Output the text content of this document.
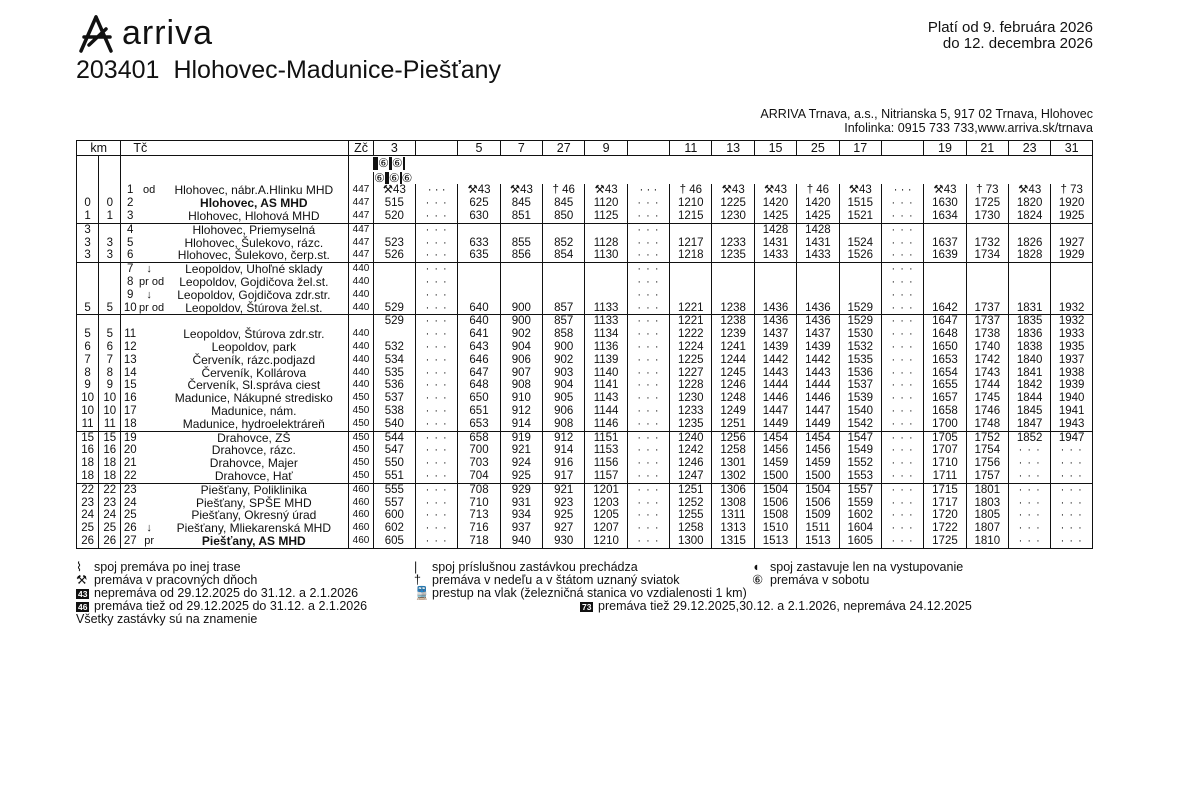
arriva	Platí od 9. februára 2026
do 12. decembra 2026
203401 Hlohovec-Madunice-Piešťany
ARRIVA Trnava, a.s., Nitrianska 5, 917 02 Trnava, Hlohovec
Infolinka: 0915 733 733,www.arriva.sk/trnava
km		Tč			Zč	3		5	7	27	9		11	13	15	25	17		19	21	23	31
						⑥ ⑥⑥ ⑥ ⑥
		1	od	Hlohovec, nábr.A.Hlinku MHD	447	⚒43	· · ·	⚒43	⚒43	† 46	⚒43	· · ·	† 46	⚒43	⚒43	† 46	⚒43	· · ·	⚒43	† 73	⚒43	† 73
0	0	2		Hlohovec, AS MHD	447	515	· · ·	625	845	845	1120	· · ·	1210	1225	1420	1420	1515	· · ·	1630	1725	1820	1920
1	1	3		Hlohovec, Hlohová MHD	447	520	· · ·	630	851	850	1125	· · ·	1215	1230	1425	1425	1521	· · ·	1634	1730	1824	1925
3		4		Hlohovec, Priemyselná	447		· · ·					· · ·			1428	1428		· · ·				
3	3	5		Hlohovec, Šulekovo, rázc.	447	523	· · ·	633	855	852	1128	· · ·	1217	1233	1431	1431	1524	· · ·	1637	1732	1826	1927
3	3	6		Hlohovec, Šulekovo, čerp.st.	447	526	· · ·	635	856	854	1130	· · ·	1218	1235	1433	1433	1526	· · ·	1639	1734	1828	1929
		7	↓	Leopoldov, Uhoľné sklady	440		· · ·					· · ·						· · ·				
		8	pr od	Leopoldov, Gojdičova žel.st.	440		· · ·					· · ·						· · ·				
		9	↓	Leopoldov, Gojdičova zdr.str.	440		· · ·					· · ·						· · ·				
5	5	10	pr od	Leopoldov, Štúrova žel.st.	440	529	· · ·	640	900	857	1133	· · ·	1221	1238	1436	1436	1529	· · ·	1642	1737	1831	1932
						529	· · ·	640	900	857	1133	· · ·	1221	1238	1436	1436	1529	· · ·	1647	1737	1835	1932
5	5	11		Leopoldov, Štúrova zdr.str.	440		· · ·	641	902	858	1134	· · ·	1222	1239	1437	1437	1530	· · ·	1648	1738	1836	1933
6	6	12		Leopoldov, park	440	532	· · ·	643	904	900	1136	· · ·	1224	1241	1439	1439	1532	· · ·	1650	1740	1838	1935
7	7	13		Červeník, rázc.podjazd	440	534	· · ·	646	906	902	1139	· · ·	1225	1244	1442	1442	1535	· · ·	1653	1742	1840	1937
8	8	14		Červeník, Kollárova	440	535	· · ·	647	907	903	1140	· · ·	1227	1245	1443	1443	1536	· · ·	1654	1743	1841	1938
9	9	15		Červeník, Sl.správa ciest	440	536	· · ·	648	908	904	1141	· · ·	1228	1246	1444	1444	1537	· · ·	1655	1744	1842	1939
10	10	16		Madunice, Nákupné stredisko	450	537	· · ·	650	910	905	1143	· · ·	1230	1248	1446	1446	1539	· · ·	1657	1745	1844	1940
10	10	17		Madunice, nám.	450	538	· · ·	651	912	906	1144	· · ·	1233	1249	1447	1447	1540	· · ·	1658	1746	1845	1941
11	11	18		Madunice, hydroelektráreň	450	540	· · ·	653	914	908	1146	· · ·	1235	1251	1449	1449	1542	· · ·	1700	1748	1847	1943
15	15	19		Drahovce, ZŠ	450	544	· · ·	658	919	912	1151	· · ·	1240	1256	1454	1454	1547	· · ·	1705	1752	1852	1947
16	16	20		Drahovce, rázc.	450	547	· · ·	700	921	914	1153	· · ·	1242	1258	1456	1456	1549	· · ·	1707	1754	· · ·	· · ·
18	18	21		Drahovce, Majer	450	550	· · ·	703	924	916	1156	· · ·	1246	1301	1459	1459	1552	· · ·	1710	1756	· · ·	· · ·
18	18	22		Drahovce, Hať	450	551	· · ·	704	925	917	1157	· · ·	1247	1302	1500	1500	1553	· · ·	1711	1757	· · ·	· · ·
22	22	23		Piešťany, Poliklinika	460	555	· · ·	708	929	921	1201	· · ·	1251	1306	1504	1504	1557	· · ·	1715	1801	· · ·	· · ·
23	23	24		Piešťany, SPŠE MHD	460	557	· · ·	710	931	923	1203	· · ·	1252	1308	1506	1506	1559	· · ·	1717	1803	· · ·	· · ·
24	24	25		Piešťany, Okresný úrad	460	600	· · ·	713	934	925	1205	· · ·	1255	1311	1508	1509	1602	· · ·	1720	1805	· · ·	· · ·
25	25	26	↓	Piešťany, Mliekarenská MHD	460	602	· · ·	716	937	927	1207	· · ·	1258	1313	1510	1511	1604	· · ·	1722	1807	· · ·	· · ·
26	26	27	pr	Piešťany, AS MHD	460	605	· · ·	718	940	930	1210	· · ·	1300	1315	1513	1513	1605	· · ·	1725	1810	· · ·	· · ·
⌇ spoj premáva po inej trase
⚒ premáva v pracovných dňoch
43 nepremáva od 29.12.2025 do 31.12. a 2.1.2026
46 premáva tiež od 29.12.2025 do 31.12. a 2.1.2026
Všetky zastávky sú na znamenie
| spoj príslušnou zastávkou prechádza
† premáva v nedeľu a v štátom uznaný sviatok
🚆 prestup na vlak (železničná stanica vo vzdialenosti 1 km)
73 premáva tiež 29.12.2025,30.12. a 2.1.2026, nepremáva 24.12.2025
◖ spoj zastavuje len na vystupovanie
⑥ premáva v sobotu
